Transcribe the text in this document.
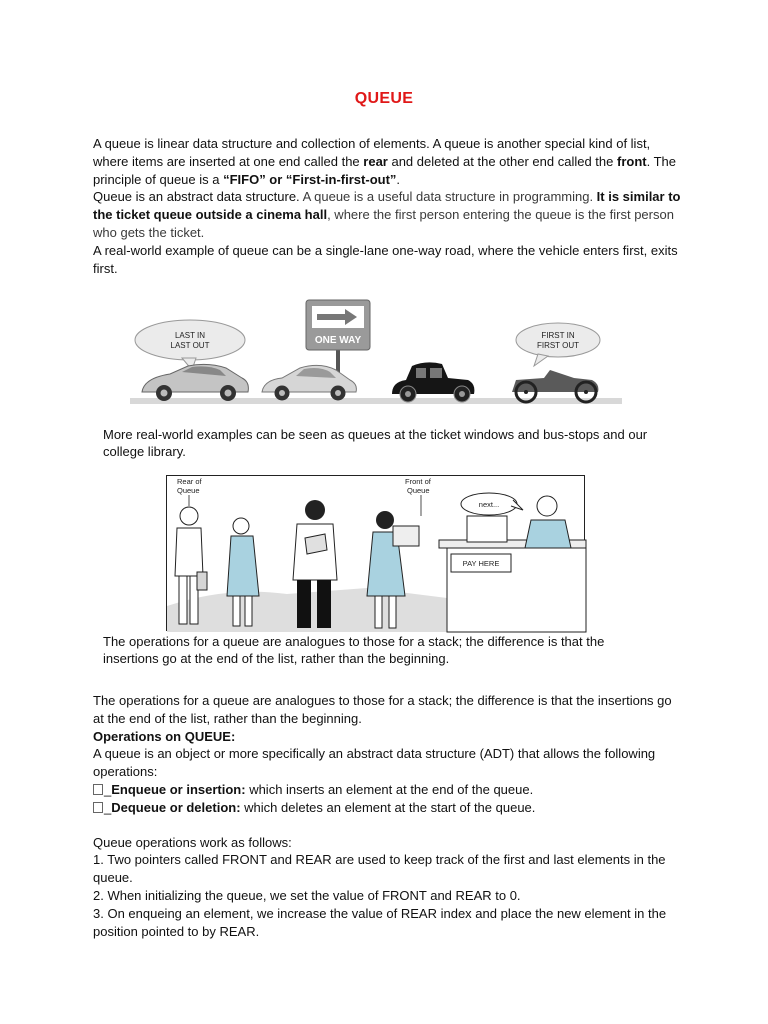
QUEUE

A queue is linear data structure and collection of elements. A queue is another special kind of list, where items are inserted at one end called the rear and deleted at the other end called the front. The principle of queue is a “FIFO” or “First-in-first-out”.

Queue is an abstract data structure. A queue is a useful data structure in programming. It is similar to the ticket queue outside a cinema hall, where the first person entering the queue is the first person who gets the ticket.

A real-world example of queue can be a single-lane one-way road, where the vehicle enters first, exits first.

LAST IN
LAST OUT	ONE WAY	FIRST IN
FIRST OUT
More real-world examples can be seen as queues at the ticket windows and bus-stops and our college library.
Rear of
Queue
Front of
Queue
PAY HERE
next...
The operations for a queue are analogues to those for a stack; the difference is that the insertions go at the end of the list, rather than the beginning.

The operations for a queue are analogues to those for a stack; the difference is that the insertions go at the end of the list, rather than the beginning.

Operations on QUEUE:

A queue is an object or more specifically an abstract data structure (ADT) that allows the following operations:

_Enqueue or insertion: which inserts an element at the end of the queue.

_Dequeue or deletion: which deletes an element at the start of the queue.

Queue operations work as follows:

1. Two pointers called FRONT and REAR are used to keep track of the first and last elements in the queue.

2. When initializing the queue, we set the value of FRONT and REAR to 0.

3. On enqueing an element, we increase the value of REAR index and place the new element in the position pointed to by REAR.
